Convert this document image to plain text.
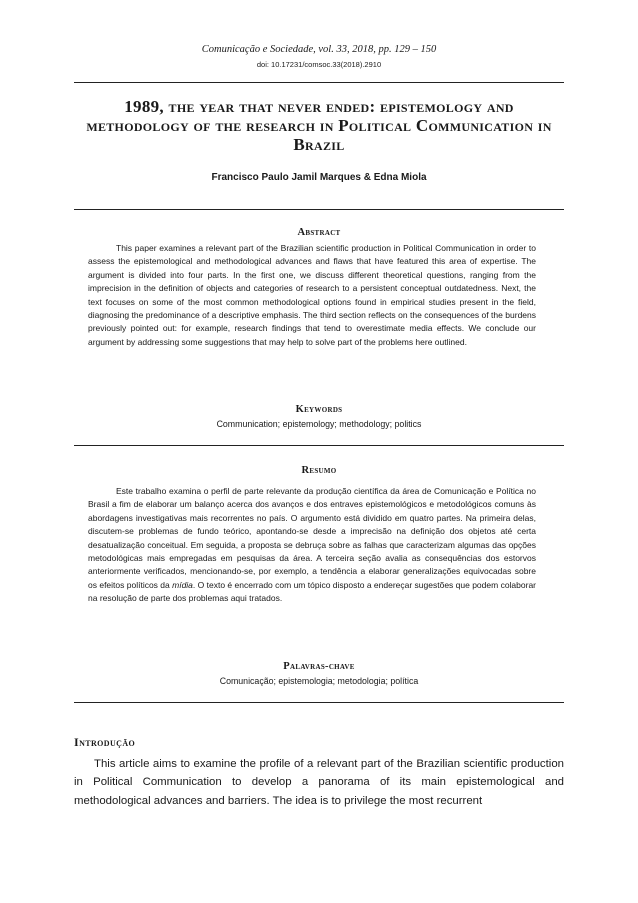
Comunicação e Sociedade, vol. 33, 2018, pp. 129 – 150
doi: 10.17231/comsoc.33(2018).2910
1989, the year that never ended: epistemology and methodology of the research in Political Communication in Brazil
Francisco Paulo Jamil Marques & Edna Miola
Abstract

This paper examines a relevant part of the Brazilian scientific production in Political Communication in order to assess the epistemological and methodological advances and flaws that have featured this area of expertise. The argument is divided into four parts. In the first one, we discuss different theoretical questions, ranging from the imprecision in the definition of objects and categories of research to a persistent conceptual outdatedness. Next, the text focuses on some of the most common methodological options found in empirical studies present in the field, diagnosing the predominance of a descriptive emphasis. The third section reflects on the consequences of the burdens previously pointed out: for example, research findings that tend to overestimate media effects. We conclude our argument by addressing some suggestions that may help to solve part of the problems here outlined.

Keywords
Communication; epistemology; methodology; politics
Resumo

Este trabalho examina o perfil de parte relevante da produção científica da área de Comunicação e Política no Brasil a fim de elaborar um balanço acerca dos avanços e dos entraves epistemológicos e metodológicos comuns às abordagens investigativas mais recorrentes no país. O argumento está dividido em quatro partes. Na primeira delas, discutem-se problemas de fundo teórico, apontando-se desde a imprecisão na definição dos objetos até certa desatualização conceitual. Em seguida, a proposta se debruça sobre as falhas que caracterizam algumas das opções metodológicas mais empregadas em pesquisas da área. A terceira seção avalia as consequências dos estorvos anteriormente verificados, mencionando-se, por exemplo, a tendência a elaborar generalizações equivocadas sobre os efeitos políticos da mídia. O texto é encerrado com um tópico disposto a endereçar sugestões que podem colaborar na resolução de parte dos problemas aqui tratados.

Palavras-chave
Comunicação; epistemologia; metodologia; política
Introdução

This article aims to examine the profile of a relevant part of the Brazilian scientific production in Political Communication to develop a panorama of its main epistemological and methodological advances and barriers. The idea is to privilege the most recurrent
